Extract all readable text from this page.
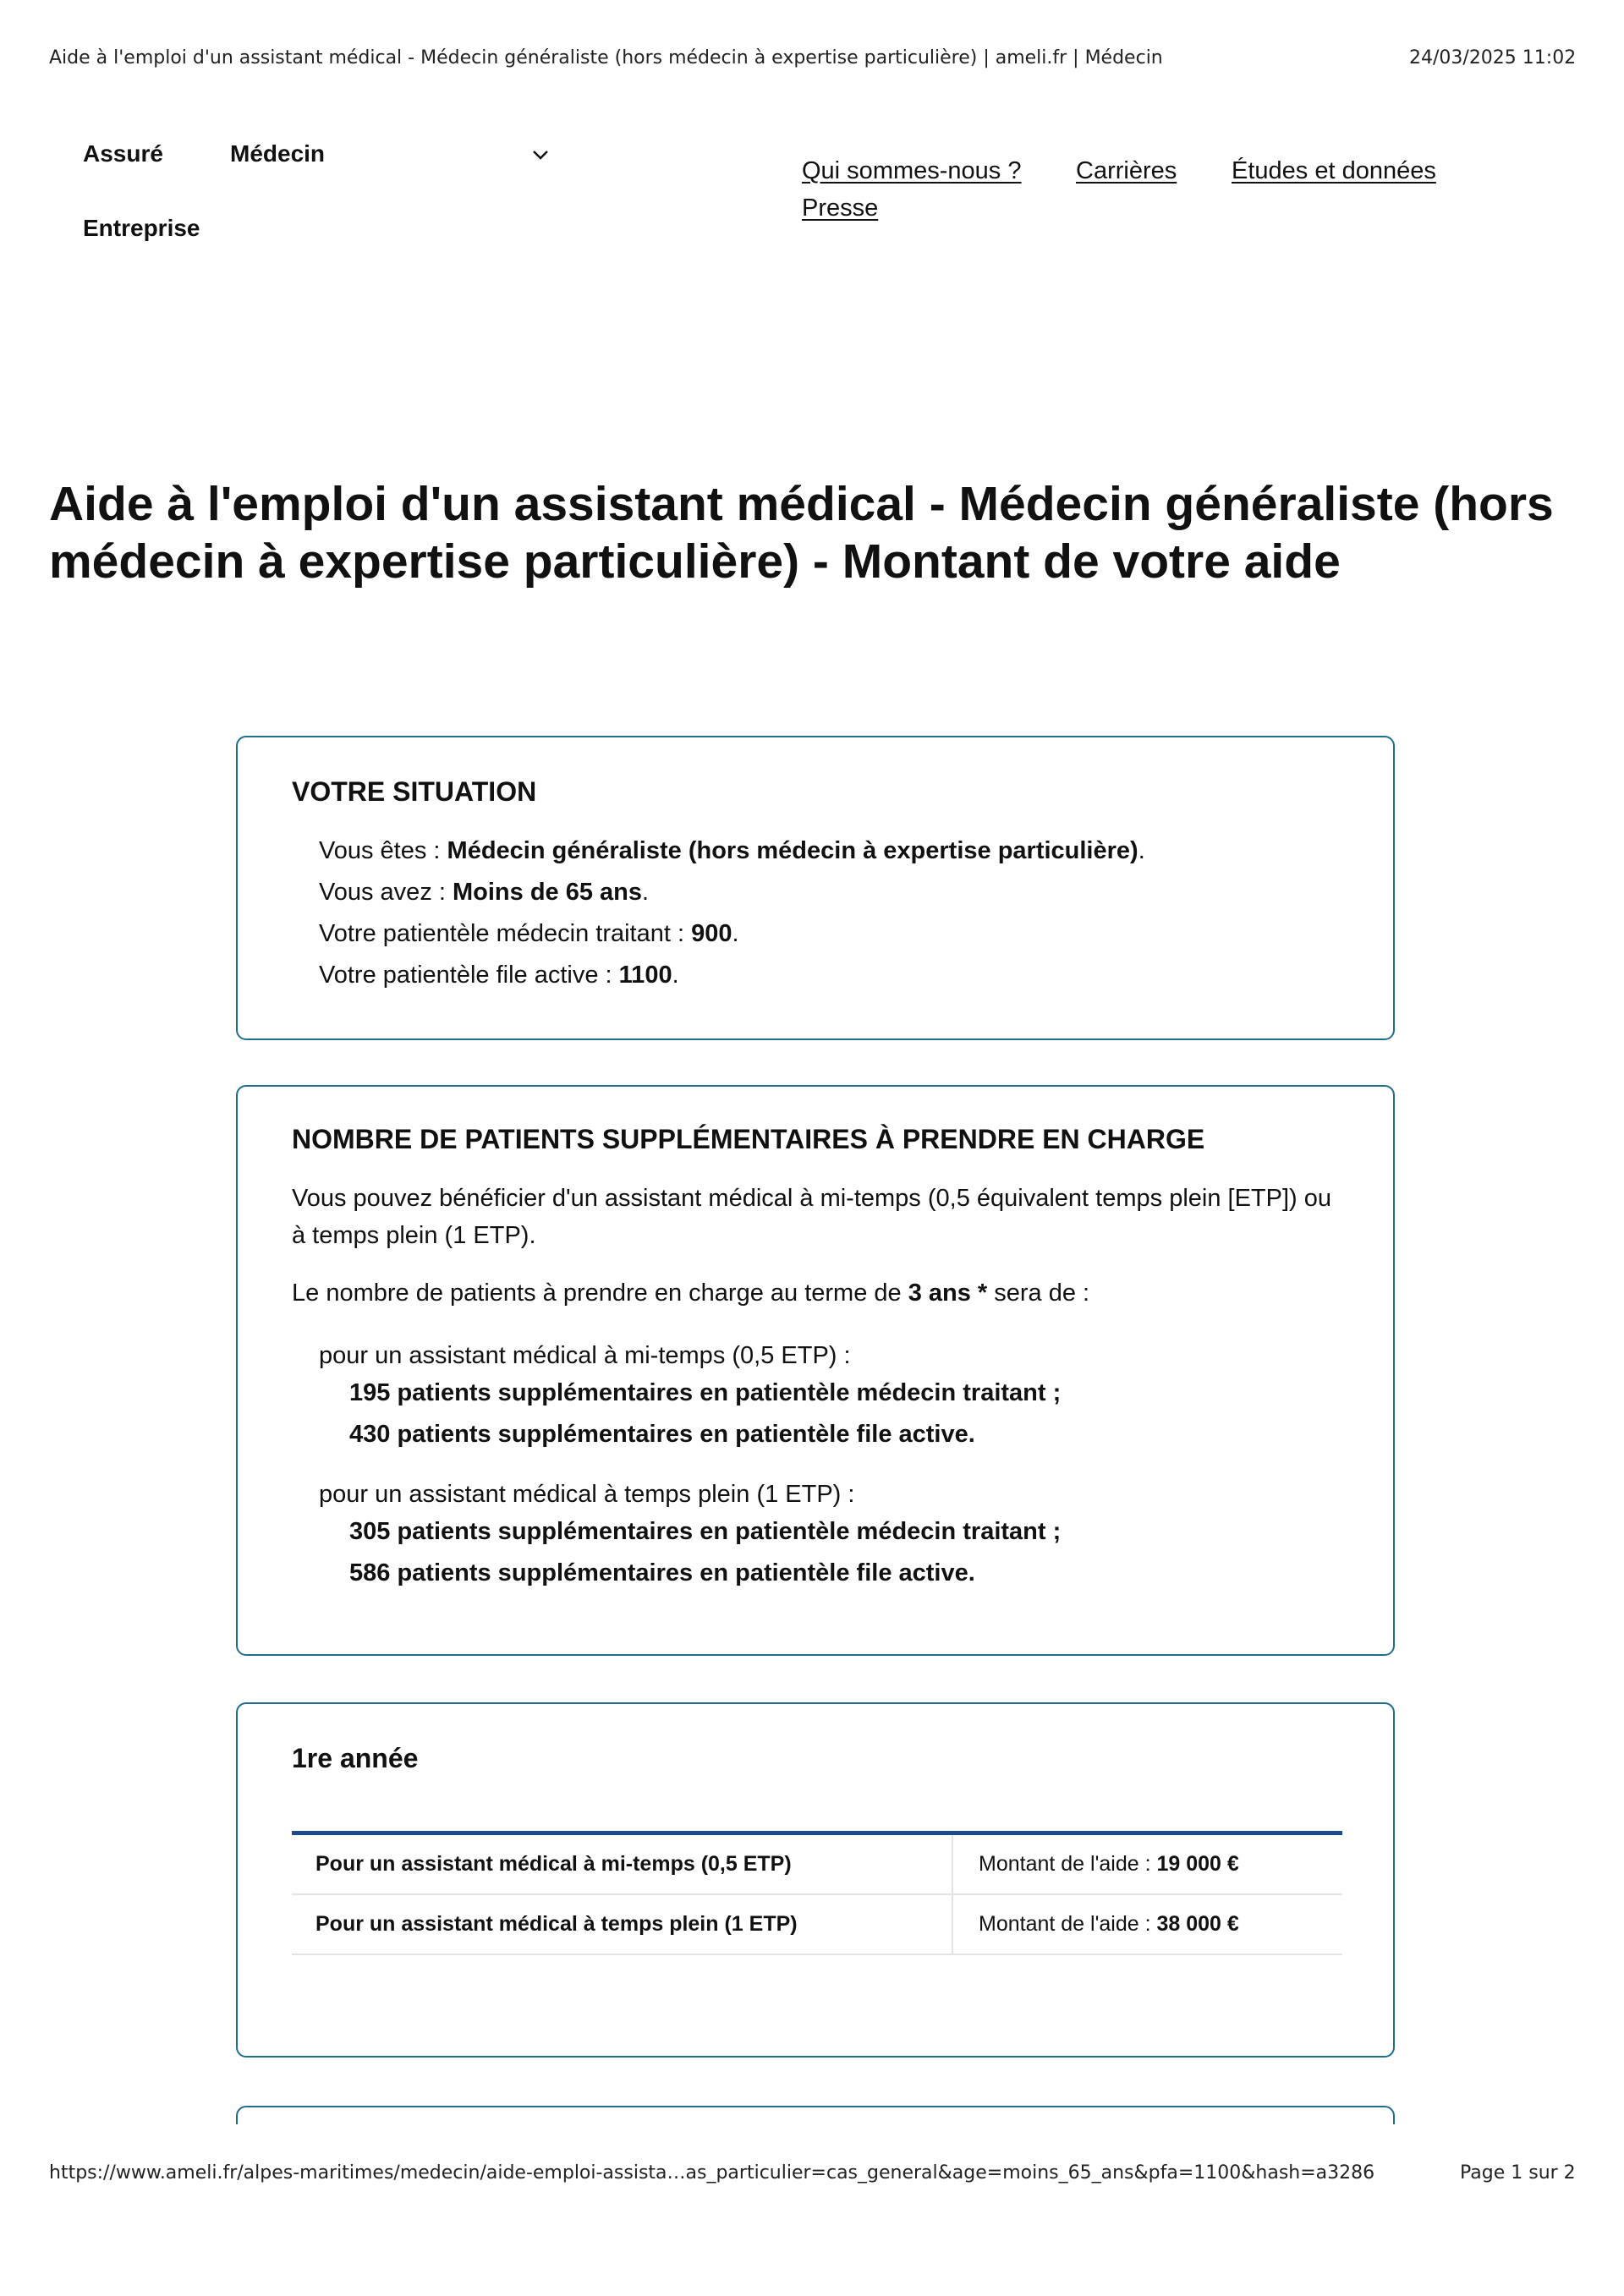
Aide à l'emploi d'un assistant médical - Médecin généraliste (hors médecin à expertise particulière) | ameli.fr | Médecin	24/03/2025 11:02
Assuré	Médecin
Entreprise
Qui sommes-nous ? Carrières Études et données
Presse
Aide à l'emploi d'un assistant médical - Médecin généraliste (hors médecin à expertise particulière) - Montant de votre aide
VOTRE SITUATION
Vous êtes : Médecin généraliste (hors médecin à expertise particulière).
Vous avez : Moins de 65 ans.
Votre patientèle médecin traitant : 900.
Votre patientèle file active : 1100.
NOMBRE DE PATIENTS SUPPLÉMENTAIRES À PRENDRE EN CHARGE
Vous pouvez bénéficier d'un assistant médical à mi-temps (0,5 équivalent temps plein [ETP]) ou à temps plein (1 ETP).
Le nombre de patients à prendre en charge au terme de 3 ans * sera de :
pour un assistant médical à mi-temps (0,5 ETP) :
195 patients supplémentaires en patientèle médecin traitant ;
430 patients supplémentaires en patientèle file active.
pour un assistant médical à temps plein (1 ETP) :
305 patients supplémentaires en patientèle médecin traitant ;
586 patients supplémentaires en patientèle file active.
1re année
Pour un assistant médical à mi-temps (0,5 ETP)	Montant de l'aide : 19 000 €
Pour un assistant médical à temps plein (1 ETP)	Montant de l'aide : 38 000 €
https://www.ameli.fr/alpes-maritimes/medecin/aide-emploi-assista…as_particulier=cas_general&age=moins_65_ans&pfa=1100&hash=a3286	Page 1 sur 2
